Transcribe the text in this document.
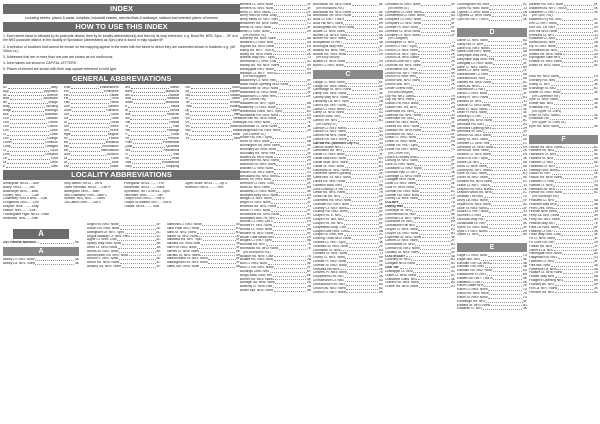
INDEX
Including streets, places & areas, hospitals, industrial estates, selected flats & walkways, stations and selected places of interest
HOW TO USE THIS INDEX
1. Each street name is followed by its postcode district, then by its locality abbreviation(s) and then by its map reference; e.g. Bond Rd. NR2: Spro..... 5F is in the NR2 postcode district, in the locality of Sprowston (abbreviated as Spro) and is found in map square 5F.
2. A selection of locations that cannot be shown on the mapping appear in the index with the street to which they are connected shown in brackets; e.g. (off Gloss La.)
3. Addresses that are in more than one part are shown as not continuous.
4. Area names are shown in CAPITAL LETTERS.
5. Places of interest are shown with their map square reference in bold type.
GENERAL ABBREVIATIONS
All	Alley Emb	Embankment Mnr	Manor Sth	South
App	Approach Ent	Enterprise Mans	Mansions Sq	Square
Av	Avenue Est	Estate Mkt	Market Sta	Station
Blvd	Boulevard Fld	Field Mdw	Meadow St	Street
Bri	Bridge Flds	Fields Mdws	Meadows Ter	Terrace
Bldg	Building Gdn	Garden M	Mews Trad	Trading
Bldgs	Buildings Gdns	Gardens Mt	Mount Up	Upper
Bus	Business Gth	Garth Mus	Museum Va	Vale
Cvn	Caravan Ga	Gate Nth	North Vw	View
Cen	Centre Gt	Great Pde	Parade Vs	Villas
Chu	Church Grn	Green Pk	Park Vis	Visitors
Circ	Circle Gro	Grove Pas	Passage Wlk	Walk
Cl	Close Hgts	Heights Pl	Place W	West
Coll	College Ho	House Pct	Precinct Yd	Yard
Comn	Common Ind	Industrial Prom	Promenade
Cotts	Cottages Info	Information Quad	Quadrant
Ct	Court Intl	International Res	Residential
Cres	Crescent Junc	Junction Ri	Rise
Cft	Croft La	Lane Rd	Road
Dr	Drive Lit	Little Rdbt	Roundabout
E	East Lwr	Lower Shop	Shopping
LOCALITY ABBREVIATIONS
Arminghall: NR14......Arm	Kirby Bedon: NR14.....Kir B	Poringland: NR14...........Por	Upper Stoke: NR14.........Up S
Bixley: NR14..........Bix	Lower Horsham: NR14.......Lwr H	Rackheath: NR13.........Rack	Yelverton: NR14...........Yelv
Bowthorpe: NR5......Bow	Marlingford: NR9......Marl	Sprowston: NR7 & NR13....Spro
Colney: NR4.............Coln	New Costessey: NR5....New C	Taverham: NR8.............Tav
Costessey: NR5 & NR8.....Cost	Norwich: NR1, NR2.......Norw	Thorpe End: NR13.....Thor E
Cringleford: NR4.......Crin	Old Catton: NR6.......Old C	Thorpe St Andrew: NR7.....Thor A
Drayton: NR8...........Dray	Trowse: NR14.........Trow
Easton: NR9..........Eas
Framingham Pigot: NR14...Fram
Hellesdon: NR6........Hell
A
24/7 Fitness Norwich ...	6K
A
Abbey Ct. NR1: Norw	4K
Abbey La. NR1: Norw	4K
Angel Rd. NR3: Norw	4F
Anson Rd. NR6: Norw	2G
Antingham Dr. NR7: Spro	3C
Angus Mackay Ct. NR6: Hell	1C
Apple Cl. NR5: Cost	4C
Apsley Way NR6: Norw	5B
Arbor Ct. NR3: Norw	3A
Armes St. NR2: Norw	4K
Arnold Miller Rd. NR1: Norw	7J
Arnold Pl. NR1: Norw	3E
Arthur Rd. NR5: Norw	4C
Artillery Sq. NR3: Norw	4F
Balmoral Cl. NR2: Norw	5E
Bank Plain NR2: Norw	4G
Bank St. NR2: Norw	4G
Barker St. NR2: Norw	3F
Bankfield Rd. NR7: Spro	4F
Barnard Rd. NR5: Bow	3E
Barn Rd. NR2: Norw	4F
Barnes Cl. NR5: Norw	5E
Barrack St. NR1: Norw	3H
Bartholomew St. NR2: Norw	5F
Bassingham Rd. NR3: Norw	2F
Bates Grn. NR5: Norw	6A
Bemers Cl. NR5: Norw	4F
Bemers St. NR3: Norw	3F
Berry Cl. NR3: Norw	2F
Berry Hall Rd. NR8: Dray	1A
Berry Mead Dr. NR7: Spro	4J
Bessemer Rd. NR4: Norw	7C
Bethel St. NR2: Norw	4F
Betts Cl. NR6: Norw	2H
(off Brenchl St.)
Beverley Rd. NR5: Norw	6B
Bewfield Cl. NR5: Bow	4A
Bignold Rd. NR3: Norw	1H
Billing Rd. NR7: Thor A	2K
Bilney Rd. NR4: Norw	2K
Birbeck Way NR7: Spro	7J
Birchwood Cl. NR5: Cost	4C
Bishop Bri. Rd. NR1: Norw	3H
Bishopgate NR1: Norw	4H
Bishops Ct. NR7: Thor A	4H
(off Bishopgate)
Blackberry Ct. NR6: Hell	6F
Black Horse Opening NR3: Norw	3J
Blackhorse St. NR2: Norw	3F
Blackfriars St. NR3: Norw	3F
Blackthorn Cl. NR6: Hell	3F
(off Carrow Hill)
Blackwell Av. NR7: Spro	6B
Blakeney Cl. NR4: Norw	5E
Blithewood Gdns. NR7: Spro	4G
Blomefield Rd. NR3: Norw	1H
Blue Bell Rd. NR4: Norw	2H
Blyth Rd. NR3: Norw	7K
Boardman Cl. NR6: Norw	3E
Bolingbroke Rd. NR5: Norw	2H
(off Esdelle St.)
Bolton Rd. NR7: Spro	1H
Bond St. NR2: Norw	5B
Bonnington Rd. NR5: Norw	4E
Boundary Av. NR6: Norw	3F
Boundary Rd. NR5: Hell	3F
Bowers Av. NR3: Norw	2H
Bowthorpe Rd. NR2: Norw	2H
Branford Rd. NR3: Norw	1H
Brasted Cl. NR5: Norw	3G
Brazen Ga. NR1: Norw	7G
Breckland Ho. NR1: Norw	5H
Bretts Yd. NR3: Norw	5H
Brereton Cl. NR5: Cost	3F
Brian Av. NR1: Norw	6H
Brickfield Ct. NR4: Norw	5K
Bridewell Alley NR2: Norw	2H
Bridge Ct. NR2: Norw	3F
Bright St. NR3: Norw	3F
Britannia Rd. NR1: Norw	2J
Brook Pl. NR1: Norw	4F
Broadhurst Rd. NR4: Norw	5C
Broadland Bus. Pk. NR7	4F
Bronde Cl. NR6: Old C	1H
Brooke Pl. NR1: Norw	4F
Brooks Ct. NR5: Norw	6H
Browne St. NR2: Norw	5F
Brown Gate Mead NR4	1H
Bruges Cl. NR7: Spro	6B
Brundall Rd. NR7	7E
Brunswick Rd. NR2: Norw	7E
(off Brunswick Rd.)
Bullace Rd. NR5: Cost	7A
Bullard Rd. NR3: Norw	2B
Bull Cl. NR3: Norw	5E
Bull Cl. Rd. NR3: Norw	2F
Buntings Cres. NR4	6F
Burgh Mdw. NR6: Hell	6E
Burnet Rd. NR3: Norw	5E
Burrage Rd. NR6: Norw	2K
Butterfly Cl. NR6: Hell	2B
Butter Mkt. NR4: Norw	6B
Brunswick Ho. NR2: Norw	6E
(off Brunswick Rd.)
Brunswick Rd. NR2: Norw	6E
Brunswick Ter. NR2: Norw	6E
Buck Ct. NR7: Thor A	5K
Buck Hill NR7: Norw	5H
Buckingham Rd. NR4: Norw	6D
Buckle Cl. NR5: Norw	5D
Bulmer La. NR13: Spro	4K
Burnet Rd. NR3: Norw	5E
Bumpstead St. NR7	5A
Burroughs Way NR5	3F
Bussey Rd. NR6: Hell	2C
Buxton Rd. NR3: Norw	2H
(off Bury Mount)
Byfield Ct. NR3: Norw	2H
Byron Cl. NR2: Norw	3G
C
Cadge Cl. NR5: Norw	6F
Cadge Rd. NR5: Norw	6F
Cambridge St. NR2: Norw	4E
Camp Gro. NR1: Norw	4E
Canary Way NR1: Norw	5J
Cannerby La. NR7: Spro	1B
Cann's Rd. NR7: Norw	5F
Carew Cl. NR3: Norw	2G
Carey Ct. NR3: Norw	3C
Carlton Gdns. NR1	6G
Carlton Ter. NR1	6G
(off Surrey St.)
Carrow Cl. NR1: Norw	6J
Carrow Ct. NR1: Norw	6J
Carrow Hill NR1: Norw	6J
Carrow Rd. NR1: Norw	5J
Carrow Rd. (Norwich City FC)	5J
Carrow Works NR1	6J
Carshalton Rd. NR1	7H
Castle Ct. NR3: Norw	3F
Castle Mall NR1: Norw	4G
Castle Mdw. NR1: Norw	4G
Castle St. NR2: Norw	4G
Cathedral St. NR1: Norw	3H
Catherine Wheel Opening	3F
Cattle Mkt. St. NR1: Norw	4G
Cavell Rd. NR1: Norw	7J
Cawston Mdw. NR4	6E
Cecil Gowing Ct. NR7	2K
Cedar Rd. NR1: Norw	7H
Chalk Hill Rd. NR1	4H
Chambers Rd. NR3: Norw	2F
Chandler Rd. NR1: Norw	4K
Chantry Ct. NR2: Norw	5F
Chantry Rd. NR2: Norw	5F
Chapel Fld. E. NR2	4F
Chapel Fld. Nth. NR2	4F
Chapel Fld. Rd. NR2	5F
Chapelfield Shop. Cen.	5F
Chapel Loke NR5: Cost	4B
Chapel St. NR6: Hell	2C
Charing Cross NR2: Norw	4F
Charles Cl. NR7: Spro	3K
Chatham St. NR3: Norw	2F
Chediston Ct. NR5	4D
Chelsea Ct. NR1: Norw	7J
Cherry Cl. NR1: Norw	5H
Chester Pl. NR2: Norw	5E
Chester St. NR2: Norw	5E
Chestnut Hill NR4	1E
Chilvers Pl. NR4: Norw	7E
Chipperfield Rd. NR7	4K
Christchurch Ct. NR2	5D
Christchurch Rd. NR2	5D
Church Av. NR2: Norw	6D
Church Cl. NR7: Norw	5K
Chedwell St. NR2: Norw	4F
(off Bethel St.)
Chestfield Cl. NR5: Norw	4A
Chesterfield Cl. NR5: Norw	5D
Chequers Ct. NR2: Norw	4F
Chequers Cl. NR2: Norw	4F
Chester Pl. NR2: Norw	4F
Chestnut Cl. NR5: Norw	5D
Chinsley Ct. NR3: Norw	3F
(off Cowgate)
Christopher Cl. NR1	7J
Church Cl. NR7: Spro	3K
Church Ct. NR3: Norw	3G
Church La. NR7: Spro	2K
Church La. NR4: Eaton	7D
Church Loke NR7: Spro	2K
Churchill Rd. NR3: Norw	1F
Churchfield Grn. NR7	3K
Church Rd. NR7: Thor A	4K
Church St. NR6: Hell	1C
Church Wlk. NR2: Norw	4E
Church Wlk. NR7	2K
Cinder Ovens Row	5J
(off Mountergate)
City Rd. NR1: Norw	7H
City Vw. NR1: Norw	6H
Clabon Rd. NR3: Norw	2H
Clabon Sec. Rd. NR3	2H
Claremont Rd. NR4	7E
Clarence Rd. NR1: Norw	5J
Clarendon Rd. NR2	5E
Clarke Rd. NR3: Norw	1F
Clarkes Rd. NR1: Norw	5A
Clarkson Rd. NR5: Norw	5A
Cleveland Rd. NR2	4F
Clifton Cl. NR2: Norw	4D
Clifton St. NR2: Norw	4D
Clinton Ho. NR7: Spro	3K
Clover Rd. NR7: Norw	7C
(off Clover Rd.)
Coach & Horses Row	3F
Coburg St. NR2: Norw	4F
Cock St. NR2: Norw	3F
Cockayne Cl. NR2: Norw	4F
Coldham Hall Cl. NR7	3K
Coleridge Cl. NR3: Norw	3F
Colegate NR3: Norw	3F
Coller Ct. NR1: Norw	3E
Colls Pl. NR5: Norw	4C
Colman Rd. NR4: Norw	6C
Colman Ho. NR4: Norw	7C
Colney La. NR4: Norw	7A
COLNEY	7A
Colney Hall	7A
Colthorpe St. NR2	3F
Commercial Rd. NR2	5E
Common La. NR7: Spro	1K
Conesford Dr. NR1	5H
Constitution Hill NR3	1G
Cooper Cl. NR3: Norw	5C
Cooper La. NR1: Norw	5G
Copeman St. NR2: Norw	4E
Corbett Cl. NR3: Norw	2F
Cornmarket St. NR2	5G
Cotman Rd. NR1: Norw	3J
Coslany St. NR3: Norw	3F
COSTESSEY	4A
Coventry St. NR2	5G
Cowgate NR3: Norw	3G
Cow Twr.	3H
Crabapple Cl. NR5	4C
Crane Cl. NR5: Norw	4C
Cranworth Gdns. NR2	5E
Craven Rd. NR4: Norw	6D
Crome Rd. NR3: Norw	2G
Cunningham Rd. NR5	4C
Curtis Rd. NR6: Norw	2J
Cyprus Cl. NR5: Norw	1B
Cypress Cl. NR4: Norw	3G
Cyril Rd. NR7: Thor A	4K

D
Dacre Cl. NR4: Norw	6D
Daisy Hill Ct. NR5	4B
Dakin Rd. NR3: Norw	1G
Dales Loke NR1: Norw	4A
Dalrymple Way NR6	1G
Dalrymple Way NR6: Hell	1C
Damgate Ct. NR3: Norw	3F
Dane Cl. NR1: Norw	6H
Danes Ct. NR3: Norw	2F
Danesbower Cl. NR5	5A
Danesfield Av. NR5	5A
Daniels Rd. NR4: Norw	6C
Dares Av. NR5	5A
Dashwood Cl. NR1	6H
David Cl. NR3: Norw	3F
Davey Pl. NR2: Norw	4G
Dawson Dr. NR1	4J
Deacon Cl. NR3: Norw	4E
Dean Cl. NR3: Norw	4E
Dean Pl. NR3: Norw	4E
Deanery Cl. NR7	4E
Delaney Rd. NR4: Norw	6C
Denmark Rd. NR3	2G
Denmark Opening NR3	2H
Denmark St. NR2	3F
Denton Rd. NR3: Norw	1G
Derby St. NR2: Norw	4E
Derwent Cl. NR6: Hell	1C
Desmond Dr. NR6: Norw	1H
Devon Av. NR6: Norw	2K
Dickens Cl. NR3: Norw	2H
Dixon Rd. NR7: Spro	3K
Dobbs La. NR7	5A
Dodd Cl. NR5: Norw	5A
Dorothy Av. NR7: Norw	4J
Dove St. NR2: Norw	4G
Dover St. NR2: Norw	5E
Dowson Rd. NR3: Norw	1G
Drake Cl. NR7: Thor A	3J
Drayton Rd. NR3: Norw	1E
Drayton Wood Rd. NR6	1C
Driftway The NR4	7D
Drury La. NR2: Norw	4F
Dryden Rd. NR3: Norw	3G
Duke St. NR3: Norw	3F
Dukes Ct. NR7: Norw	4J
Dunnett Cl. NR4	6E
Dunnock Way NR7	1K
Dussindale Dr. NR7	4K
Dyers Yd. NR3: Norw	3F
Dyke Cl. NR1: Norw	5H
Dykes Cl. NR1	5H

E
Eagle Cl. NR4: Norw	7D
Eagle Wlk. NR2	5E
Earlham Grn. La. NR5	4B
Earlham Gro. NR5	4B
Earlham Rd. NR2: Norw	4D
Eastbourne Pl. NR1	6H
Eastern Av. NR7: Thor A	5K
Eastfield Cl. NR7	5K
Eaton Chase NR4	1E
Eaton Cl. NR4: Norw	7D
Eaton Rd. NR4: Norw	7E
Eaton St. NR4: Norw	7D
Edinburgh Rd. NR2	5F
Edward St. NR3: Norw	3G
Edwards Cl. NR7	3K
Eleanor Rd. NR1: Norw	6F
Elizabeth Av. NR7: Thor A	4K
Elizabeth Cl. NR7	3K
(off Spro. Rd.)
Elizabeth Fry Rd. NR2	5C
Elm Cl. NR7: Norw	3K
Elm Gro. La. NR3	2H
Elm Hill NR3: Norw	3G
Elmhurst Cl. NR7	3J
Elmstead Cl. NR5	3J
Elmwood Av. NR6	2B
Ely St. NR2: Norw	4E
Emmanuel Av. NR6	2C
Enfield Rd. NR5: Norw	3D
Erpingham Gate NR1	3G
Esdelle St. NR3: Norw	2G
Essex St. NR2: Norw	5E

Etna Rd. NR3: Norw	1H
Eversley Rd. NR6	2H
Ewing Cl. NR7	3K
Exchange St. NR2	4G
Exeter St. NR2: Norw	4E
(off Clarendon Rd.)
Eyre Cl. NR5: Norw	4B
Exeter Wlk. NR2	4E
Exhibition Ho.	4E
(off Upper St. Giles)
Exter St. NR2: Norw	4E
Exhibition Ho.	4E
(off Upper St. Giles St.)
Eyre Rd. NR5: Norw	5E

F
Fairfax Rd. NR4: Norw	6C
Fairfield Rd. NR2	6E
Fairhaven Ct. NR2	6E
Fairland St. NR5	4A
Fairmile Cl. NR2	6E
Fairstead Ct. NR7	3J
Fairway NR5: Norw	4J
Falcon M. NR7	1K
Falcon Rd. NR6: Norw	5F
Falkland Cl. NR6	2J
Fallows Cl. NR5	4A
Fairmans Av. NR5	5B
Farrow Rd. NR5: Norw	5C
(off Ranelagh Rd.)
Fellowes Cl. NR5	4A
Felsham Way NR5	6B
Fenn Cres. NR5	4B
Fernhill NR5: Norw	5J
Ferry La. NR1: Norw	3H
Ferry Rd. NR1: Norw	3H
Festival Way NR7	7E
Field La. NR4: Norw	6F
Fiddling Cl. NR7	3K
Finch Way NR5: Cost	4K
Fir Cl. NR5: Norw	4F
Fir Cove Rd. NR7	2H
Firside Rd. NR6	1F
Fisher's La. NR2	4F
Fishergate NR3: Norw	3G
Fitzgerald Rd. NR1	6J
Flaxman Ct. NR3	3F
Flint Wlk. NR6	3A
Flowerpot La. NR5	4A
Fludyer Ct. NR5: Norw	7D
Forster Way NR5	6B
Foulger's Opening NR1	5H
Foundry Bri. NR1	4H
Fox La. NR7: Norw	2K
Frenchs Rd. NR3	4C
